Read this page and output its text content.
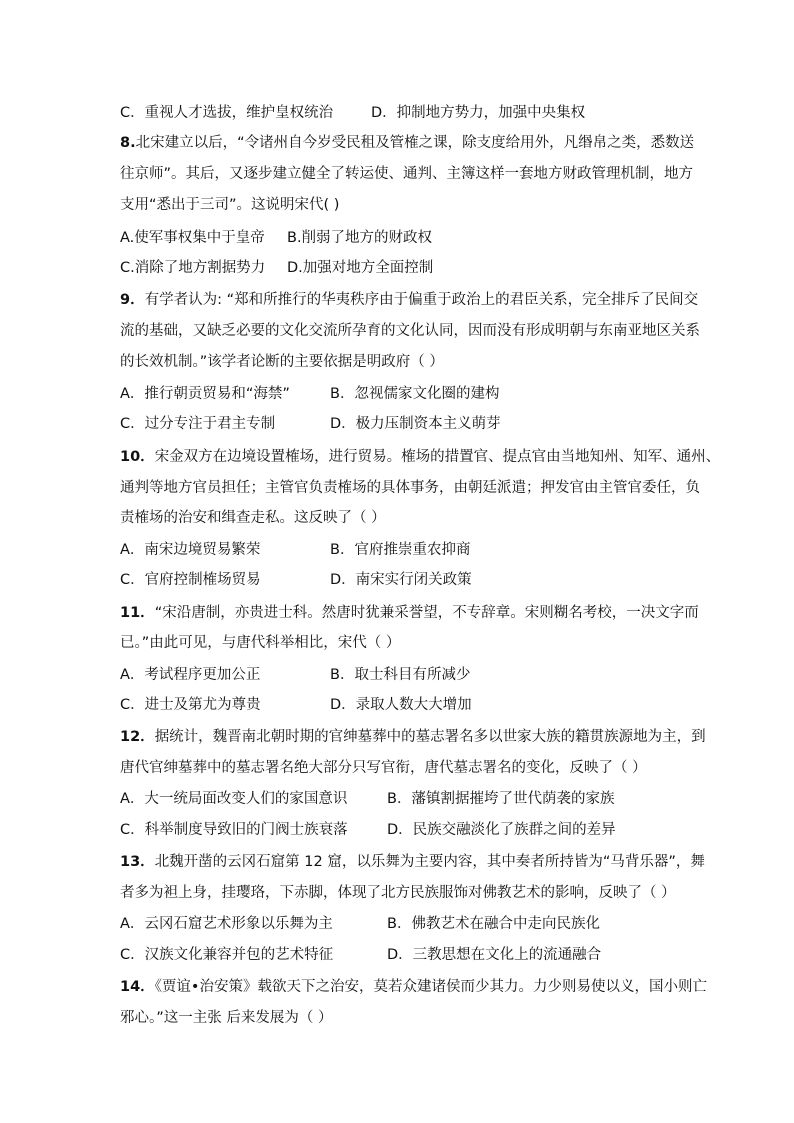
C．重视人才选拔，维护皇权统治	D．抑制地方势力，加强中央集权
8.北宋建立以后，“令诸州自今岁受民租及管榷之课，除支度给用外，凡缗帛之类，悉数送
往京师”。其后，又逐步建立健全了转运使、通判、主簿这样一套地方财政管理机制，地方
支用“悉出于三司”。这说明宋代( )
A.使军事权集中于皇帝 B.削弱了地方的财政权
C.消除了地方割据势力 D.加强对地方全面控制
9．有学者认为: “郑和所推行的华夷秩序由于偏重于政治上的君臣关系，完全排斥了民间交
流的基础，又缺乏必要的文化交流所孕育的文化认同，因而没有形成明朝与东南亚地区关系
的长效机制。”该学者论断的主要依据是明政府（ ）
A．推行朝贡贸易和“海禁”	B．忽视儒家文化圈的建构
C．过分专注于君主专制	D．极力压制资本主义萌芽
10．宋金双方在边境设置榷场，进行贸易。榷场的措置官、提点官由当地知州、知军、通州、
通判等地方官员担任；主管官负责榷场的具体事务，由朝廷派遣；押发官由主管官委任，负
责榷场的治安和缉查走私。这反映了（ ）
A．南宋边境贸易繁荣	B．官府推崇重农抑商
C．官府控制榷场贸易	D．南宋实行闭关政策
11．“宋沿唐制，亦贵进士科。然唐时犹兼采誉望，不专辞章。宋则糊名考校，一决文字而
已。”由此可见，与唐代科举相比，宋代（ ）
A．考试程序更加公正	B．取士科目有所减少
C．进士及第尤为尊贵	D．录取人数大大增加
12．据统计，魏晋南北朝时期的官绅墓葬中的墓志署名多以世家大族的籍贯族源地为主，到
唐代官绅墓葬中的墓志署名绝大部分只写官衔，唐代墓志署名的变化，反映了（ ）
A．大一统局面改变人们的家国意识	B．藩镇割据摧垮了世代荫袭的家族
C．科举制度导致旧的门阀士族衰落	D．民族交融淡化了族群之间的差异
13．北魏开凿的云冈石窟第 12 窟，以乐舞为主要内容，其中奏者所持皆为“马背乐器”，舞
者多为袒上身，挂璎珞，下赤脚，体现了北方民族服饰对佛教艺术的影响，反映了（ ）
A．云冈石窟艺术形象以乐舞为主	B．佛教艺术在融合中走向民族化
C．汉族文化兼容并包的艺术特征	D．三教思想在文化上的流通融合
14．《贾谊•治安策》载欲天下之治安，莫若众建诸侯而少其力。力少则易使以义，国小则亡
邪心。”这一主张 后来发展为（ ）
